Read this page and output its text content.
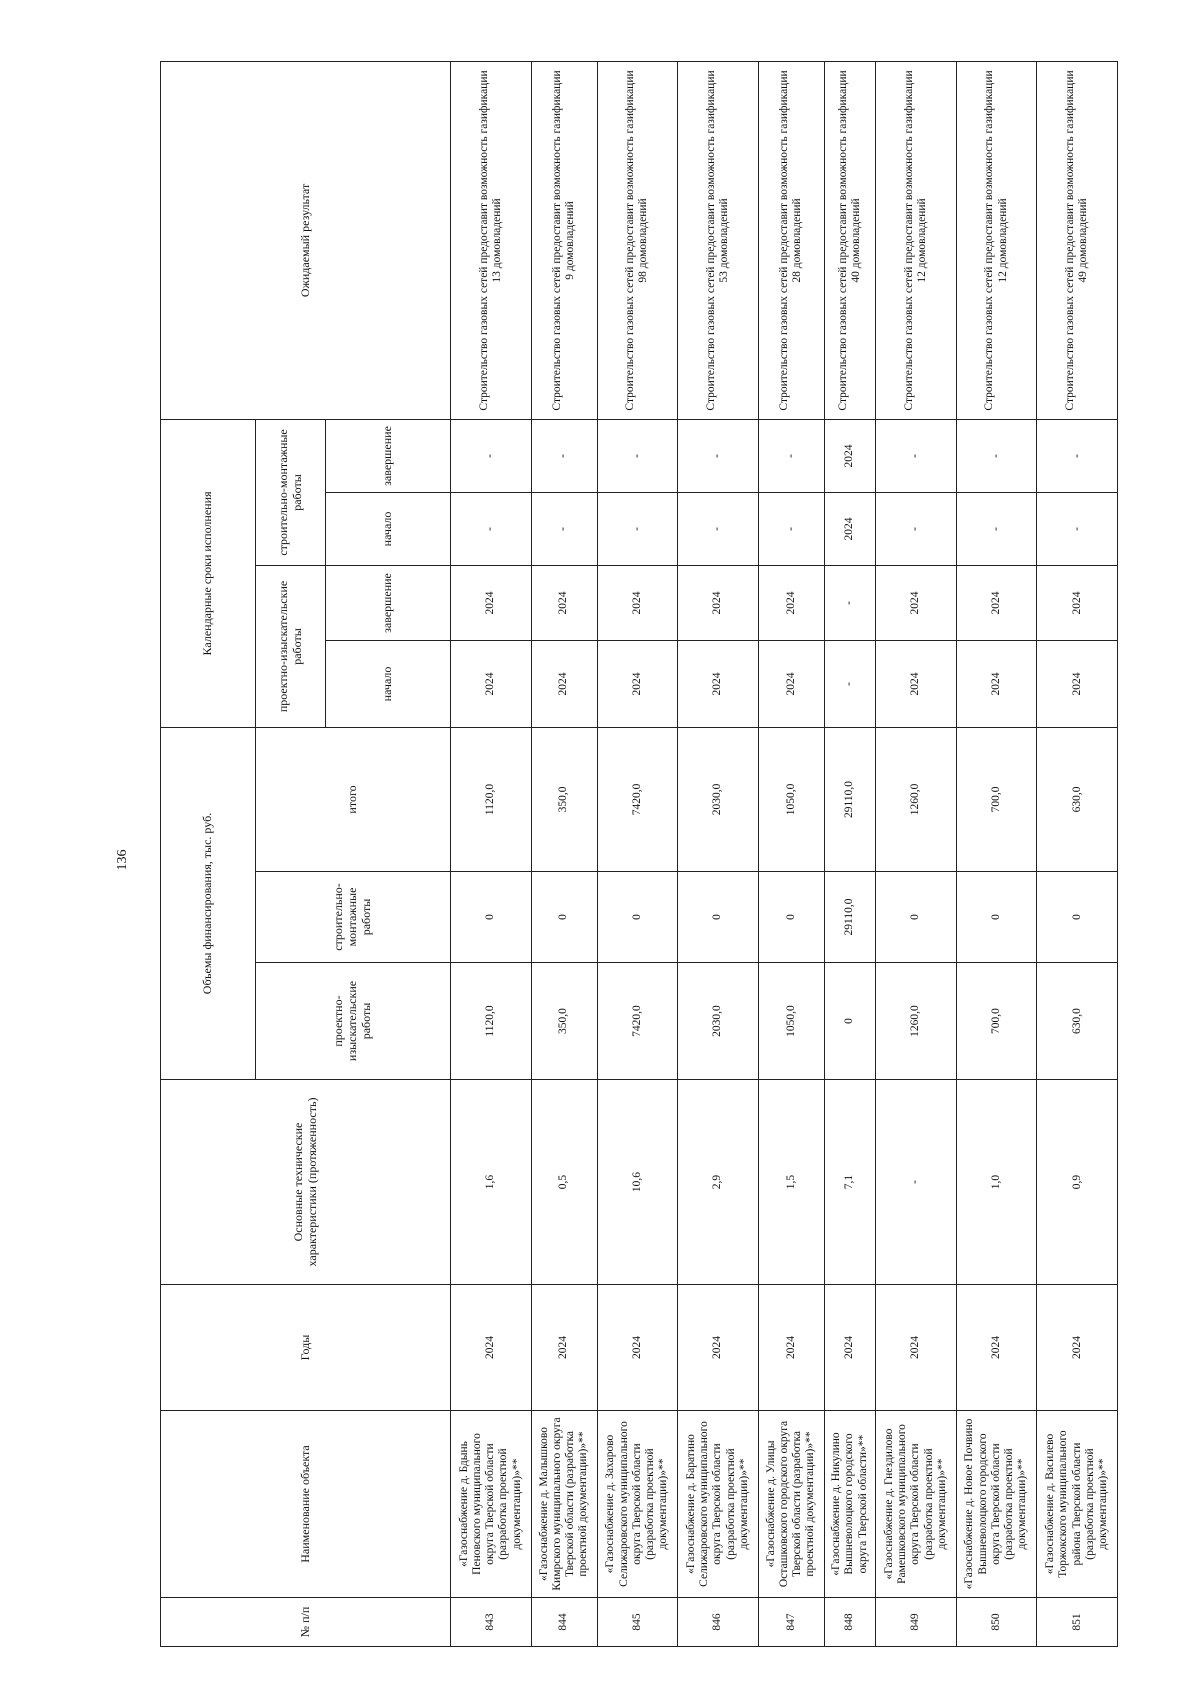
136
№ п/п	Наименование объекта	Годы	Основные технические характеристики (протяженность)	Объемы финансирования, тыс. руб.			Календарные сроки исполнения				Ожидаемый результат
				проектно-изыскательские работы	строительно-монтажные работы	итого	проектно-изыскательские работы		строительно-монтажные работы		
							начало	завершение	начало	завершение	
843	«Газоснабжение д. Бдынь Пеновского муниципального округа Тверской области (разработка проектной документации)»**	2024	1,6	1120,0	0	1120,0	2024	2024	-	-	Строительство газовых сетей предоставит возможность газификации 13 домовладений
844	«Газоснабжение д. Малышково Кимрского муниципального округа Тверской области (разработка проектной документации)»**	2024	0,5	350,0	0	350,0	2024	2024	-	-	Строительство газовых сетей предоставит возможность газификации 9 домовладений
845	«Газоснабжение д. Захарово Селижаровского муниципального округа Тверской области (разработка проектной документации)»**	2024	10,6	7420,0	0	7420,0	2024	2024	-	-	Строительство газовых сетей предоставит возможность газификации 98 домовладений
846	«Газоснабжение д. Баратино Селижаровского муниципального округа Тверской области (разработка проектной документации)»**	2024	2,9	2030,0	0	2030,0	2024	2024	-	-	Строительство газовых сетей предоставит возможность газификации 53 домовладений
847	«Газоснабжение д. Улицы Осташковского городского округа Тверской области (разработка проектной документации)»**	2024	1,5	1050,0	0	1050,0	2024	2024	-	-	Строительство газовых сетей предоставит возможность газификации 28 домовладений
848	«Газоснабжение д. Никулино Вышневолоцкого городского округа Тверской области»**	2024	7,1	0	29110,0	29110,0	-	-	2024	2024	Строительство газовых сетей предоставит возможность газификации 40 домовладений
849	«Газоснабжение д. Гнездилово Рамешковского муниципального округа Тверской области (разработка проектной документации)»**	2024	-	1260,0	0	1260,0	2024	2024	-	-	Строительство газовых сетей предоставит возможность газификации 12 домовладений
850	«Газоснабжение д. Новое Почвино Вышневолоцкого городского округа Тверской области (разработка проектной документации)»**	2024	1,0	700,0	0	700,0	2024	2024	-	-	Строительство газовых сетей предоставит возможность газификации 12 домовладений
851	«Газоснабжение д. Василево Торжокского муниципального района Тверской области (разработка проектной документации)»**	2024	0,9	630,0	0	630,0	2024	2024	-	-	Строительство газовых сетей предоставит возможность газификации 49 домовладений
